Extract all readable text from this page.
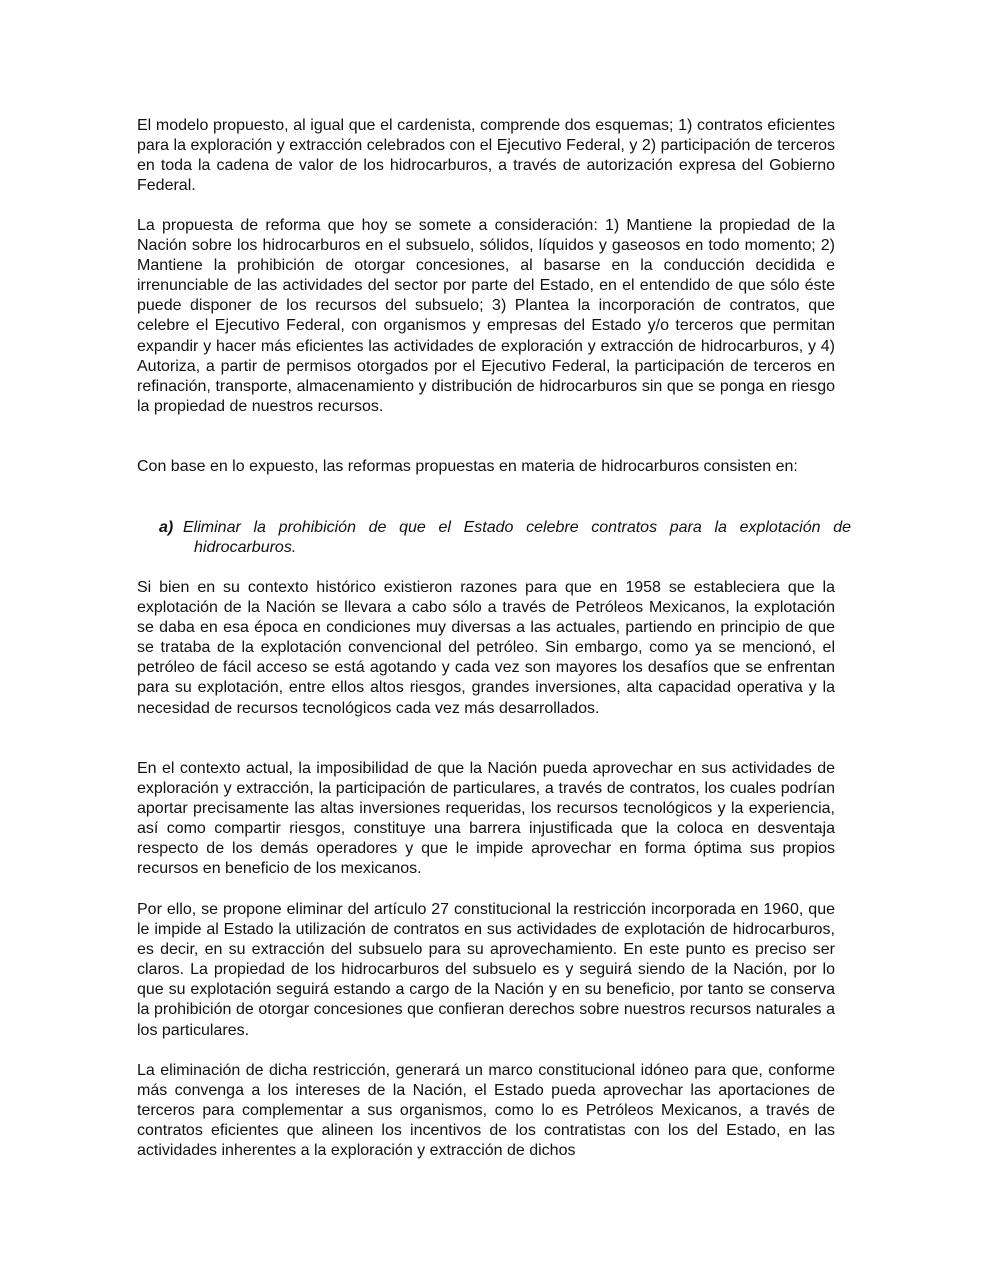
El modelo propuesto, al igual que el cardenista, comprende dos esquemas; 1) contratos eficientes para la exploración y extracción celebrados con el Ejecutivo Federal, y 2) participación de terceros en toda la cadena de valor de los hidrocarburos, a través de autorización expresa del Gobierno Federal.

La propuesta de reforma que hoy se somete a consideración: 1) Mantiene la propiedad de la Nación sobre los hidrocarburos en el subsuelo, sólidos, líquidos y gaseosos en todo momento; 2) Mantiene la prohibición de otorgar concesiones, al basarse en la conducción decidida e irrenunciable de las actividades del sector por parte del Estado, en el entendido de que sólo éste puede disponer de los recursos del subsuelo; 3) Plantea la incorporación de contratos, que celebre el Ejecutivo Federal, con organismos y empresas del Estado y/o terceros que permitan expandir y hacer más eficientes las actividades de exploración y extracción de hidrocarburos, y 4) Autoriza, a partir de permisos otorgados por el Ejecutivo Federal, la participación de terceros en refinación, transporte, almacenamiento y distribución de hidrocarburos sin que se ponga en riesgo la propiedad de nuestros recursos.

Con base en lo expuesto, las reformas propuestas en materia de hidrocarburos consisten en:

a) Eliminar la prohibición de que el Estado celebre contratos para la explotación de hidrocarburos.

Si bien en su contexto histórico existieron razones para que en 1958 se estableciera que la explotación de la Nación se llevara a cabo sólo a través de Petróleos Mexicanos, la explotación se daba en esa época en condiciones muy diversas a las actuales, partiendo en principio de que se trataba de la explotación convencional del petróleo. Sin embargo, como ya se mencionó, el petróleo de fácil acceso se está agotando y cada vez son mayores los desafíos que se enfrentan para su explotación, entre ellos altos riesgos, grandes inversiones, alta capacidad operativa y la necesidad de recursos tecnológicos cada vez más desarrollados.

En el contexto actual, la imposibilidad de que la Nación pueda aprovechar en sus actividades de exploración y extracción, la participación de particulares, a través de contratos, los cuales podrían aportar precisamente las altas inversiones requeridas, los recursos tecnológicos y la experiencia, así como compartir riesgos, constituye una barrera injustificada que la coloca en desventaja respecto de los demás operadores y que le impide aprovechar en forma óptima sus propios recursos en beneficio de los mexicanos.

Por ello, se propone eliminar del artículo 27 constitucional la restricción incorporada en 1960, que le impide al Estado la utilización de contratos en sus actividades de explotación de hidrocarburos, es decir, en su extracción del subsuelo para su aprovechamiento. En este punto es preciso ser claros. La propiedad de los hidrocarburos del subsuelo es y seguirá siendo de la Nación, por lo que su explotación seguirá estando a cargo de la Nación y en su beneficio, por tanto se conserva la prohibición de otorgar concesiones que confieran derechos sobre nuestros recursos naturales a los particulares.

La eliminación de dicha restricción, generará un marco constitucional idóneo para que, conforme más convenga a los intereses de la Nación, el Estado pueda aprovechar las aportaciones de terceros para complementar a sus organismos, como lo es Petróleos Mexicanos, a través de contratos eficientes que alineen los incentivos de los contratistas con los del Estado, en las actividades inherentes a la exploración y extracción de dichos
